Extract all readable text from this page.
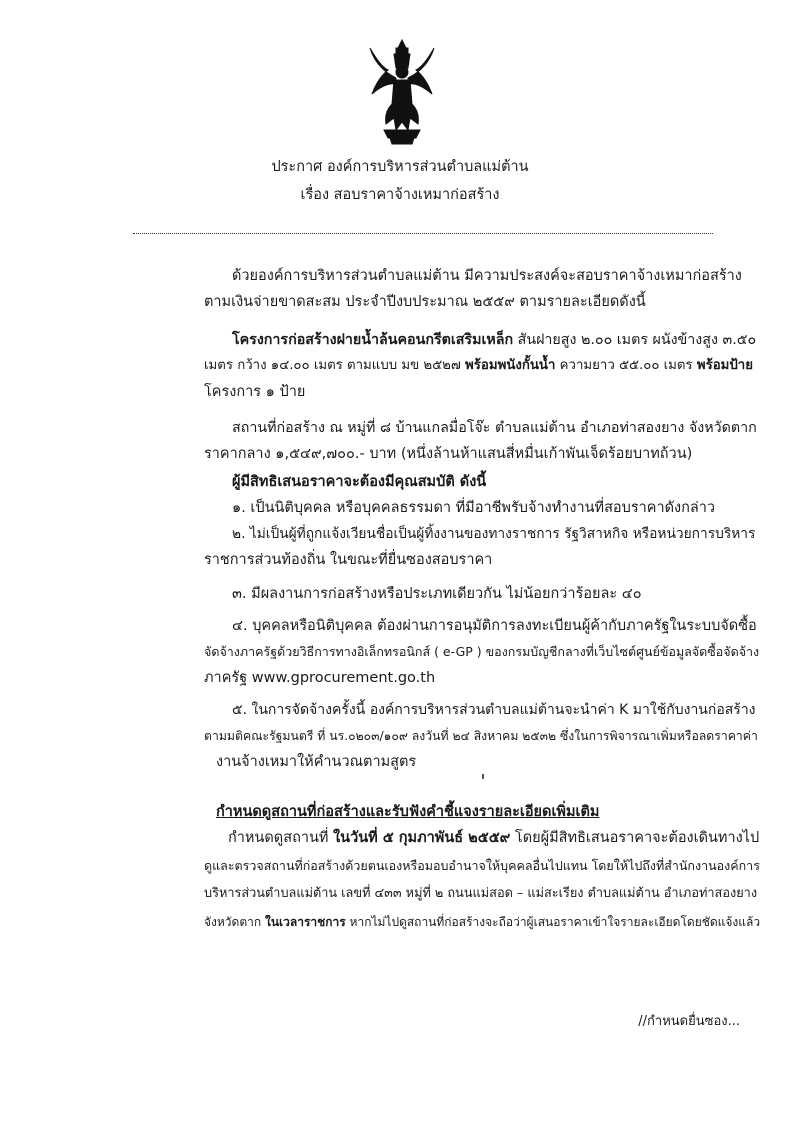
ประกาศ องค์การบริหารส่วนตำบลแม่ต้าน
เรื่อง สอบราคาจ้างเหมาก่อสร้าง
ด้วยองค์การบริหารส่วนตำบลแม่ต้าน มีความประสงค์จะสอบราคาจ้างเหมาก่อสร้าง
ตามเงินจ่ายขาดสะสม ประจำปีงบประมาณ ๒๕๕๙ ตามรายละเอียดดังนี้
โครงการก่อสร้างฝายน้ำล้นคอนกรีตเสริมเหล็ก สันฝายสูง ๒.๐๐ เมตร ผนังข้างสูง ๓.๕๐
เมตร กว้าง ๑๔.๐๐ เมตร ตามแบบ มข ๒๕๒๗ พร้อมพนังกั้นน้ำ ความยาว ๕๕.๐๐ เมตร พร้อมป้าย
โครงการ ๑ ป้าย
สถานที่ก่อสร้าง ณ หมู่ที่ ๘ บ้านแกลมื่อโจ๊ะ ตำบลแม่ต้าน อำเภอท่าสองยาง จังหวัดตาก
ราคากลาง ๑,๕๔๙,๗๐๐.- บาท (หนึ่งล้านห้าแสนสี่หมื่นเก้าพันเจ็ดร้อยบาทถ้วน)
ผู้มีสิทธิเสนอราคาจะต้องมีคุณสมบัติ ดังนี้
๑. เป็นนิติบุคคล หรือบุคคลธรรมดา ที่มีอาชีพรับจ้างทำงานที่สอบราคาดังกล่าว
๒. ไม่เป็นผู้ที่ถูกแจ้งเวียนชื่อเป็นผู้ทิ้งงานของทางราชการ รัฐวิสาหกิจ หรือหน่วยการบริหาร
ราชการส่วนท้องถิ่น ในขณะที่ยื่นซองสอบราคา
๓. มีผลงานการก่อสร้างหรือประเภทเดียวกัน ไม่น้อยกว่าร้อยละ ๔๐
๔. บุคคลหรือนิติบุคคล ต้องผ่านการอนุมัติการลงทะเบียนผู้ค้ากับภาครัฐในระบบจัดซื้อ
จัดจ้างภาครัฐด้วยวิธีการทางอิเล็กทรอนิกส์ ( e-GP ) ของกรมบัญชีกลางที่เว็บไซต์ศูนย์ข้อมูลจัดซื้อจัดจ้าง
ภาครัฐ www.gprocurement.go.th
๕. ในการจัดจ้างครั้งนี้ องค์การบริหารส่วนตำบลแม่ต้านจะนำค่า K มาใช้กับงานก่อสร้าง
ตามมติคณะรัฐมนตรี ที่ นร.๐๒๐๓/๑๐๙ ลงวันที่ ๒๔ สิงหาคม ๒๕๓๒ ซึ่งในการพิจารณาเพิ่มหรือลดราคาค่า
งานจ้างเหมาให้คำนวณตามสูตร
กำหนดดูสถานที่ก่อสร้างและรับฟังคำชี้แจงรายละเอียดเพิ่มเติม
กำหนดดูสถานที่ ในวันที่ ๕ กุมภาพันธ์ ๒๕๕๙ โดยผู้มีสิทธิเสนอราคาจะต้องเดินทางไป
ดูและตรวจสถานที่ก่อสร้างด้วยตนเองหรือมอบอำนาจให้บุคคลอื่นไปแทน โดยให้ไปถึงที่สำนักงานองค์การ
บริหารส่วนตำบลแม่ต้าน เลขที่ ๔๓๓ หมู่ที่ ๒ ถนนแม่สอด – แม่สะเรียง ตำบลแม่ต้าน อำเภอท่าสองยาง
จังหวัดตาก ในเวลาราชการ หากไม่ไปดูสถานที่ก่อสร้างจะถือว่าผู้เสนอราคาเข้าใจรายละเอียดโดยชัดแจ้งแล้ว
//กำหนดยื่นซอง...
